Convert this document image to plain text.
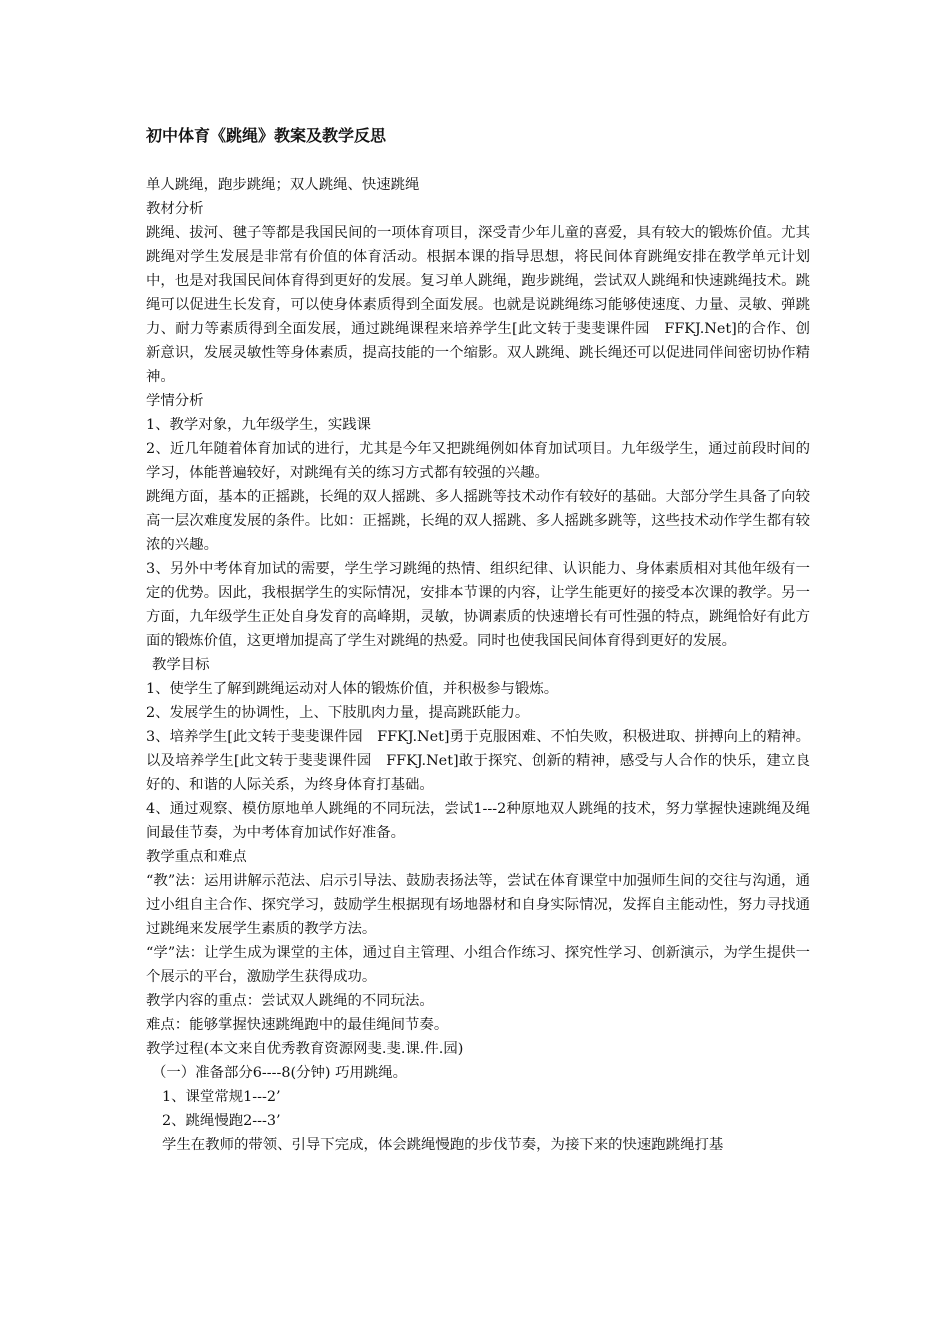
初中体育《跳绳》教案及教学反思

单人跳绳，跑步跳绳；双人跳绳、快速跳绳

教材分析

跳绳、拔河、毽子等都是我国民间的一项体育项目，深受青少年儿童的喜爱，具有较大的锻炼价值。尤其跳绳对学生发展是非常有价值的体育活动。根据本课的指导思想，将民间体育跳绳安排在教学单元计划中，也是对我国民间体育得到更好的发展。复习单人跳绳，跑步跳绳，尝试双人跳绳和快速跳绳技术。跳绳可以促进生长发育，可以使身体素质得到全面发展。也就是说跳绳练习能够使速度、力量、灵敏、弹跳力、耐力等素质得到全面发展，通过跳绳课程来培养学生[此文转于斐斐课件园　FFKJ.Net]的合作、创新意识，发展灵敏性等身体素质，提高技能的一个缩影。双人跳绳、跳长绳还可以促进同伴间密切协作精神。

学情分析

1、教学对象，九年级学生，实践课

2、近几年随着体育加试的进行，尤其是今年又把跳绳例如体育加试项目。九年级学生，通过前段时间的学习，体能普遍较好，对跳绳有关的练习方式都有较强的兴趣。

跳绳方面，基本的正摇跳，长绳的双人摇跳、多人摇跳等技术动作有较好的基础。大部分学生具备了向较高一层次难度发展的条件。比如：正摇跳，长绳的双人摇跳、多人摇跳多跳等，这些技术动作学生都有较浓的兴趣。

3、另外中考体育加试的需要，学生学习跳绳的热情、组织纪律、认识能力、身体素质相对其他年级有一定的优势。因此，我根据学生的实际情况，安排本节课的内容，让学生能更好的接受本次课的教学。另一方面，九年级学生正处自身发育的高峰期，灵敏，协调素质的快速增长有可性强的特点，跳绳恰好有此方面的锻炼价值，这更增加提高了学生对跳绳的热爱。同时也使我国民间体育得到更好的发展。

教学目标

1、使学生了解到跳绳运动对人体的锻炼价值，并积极参与锻炼。

2、发展学生的协调性，上、下肢肌肉力量，提高跳跃能力。

3、培养学生[此文转于斐斐课件园　FFKJ.Net]勇于克服困难、不怕失败，积极进取、拼搏向上的精神。以及培养学生[此文转于斐斐课件园　FFKJ.Net]敢于探究、创新的精神，感受与人合作的快乐，建立良好的、和谐的人际关系，为终身体育打基础。

4、通过观察、模仿原地单人跳绳的不同玩法，尝试1---2种原地双人跳绳的技术，努力掌握快速跳绳及绳间最佳节奏，为中考体育加试作好准备。

教学重点和难点

“教”法：运用讲解示范法、启示引导法、鼓励表扬法等，尝试在体育课堂中加强师生间的交往与沟通，通过小组自主合作、探究学习，鼓励学生根据现有场地器材和自身实际情况，发挥自主能动性，努力寻找通过跳绳来发展学生素质的教学方法。

“学”法：让学生成为课堂的主体，通过自主管理、小组合作练习、探究性学习、创新演示，为学生提供一个展示的平台，激励学生获得成功。

教学内容的重点：尝试双人跳绳的不同玩法。

难点：能够掌握快速跳绳跑中的最佳绳间节奏。

教学过程(本文来自优秀教育资源网斐.斐.课.件.园)

（一）准备部分6----8(分钟) 巧用跳绳。

1、课堂常规1---2’

2、跳绳慢跑2---3’

学生在教师的带领、引导下完成，体会跳绳慢跑的步伐节奏，为接下来的快速跑跳绳打基
